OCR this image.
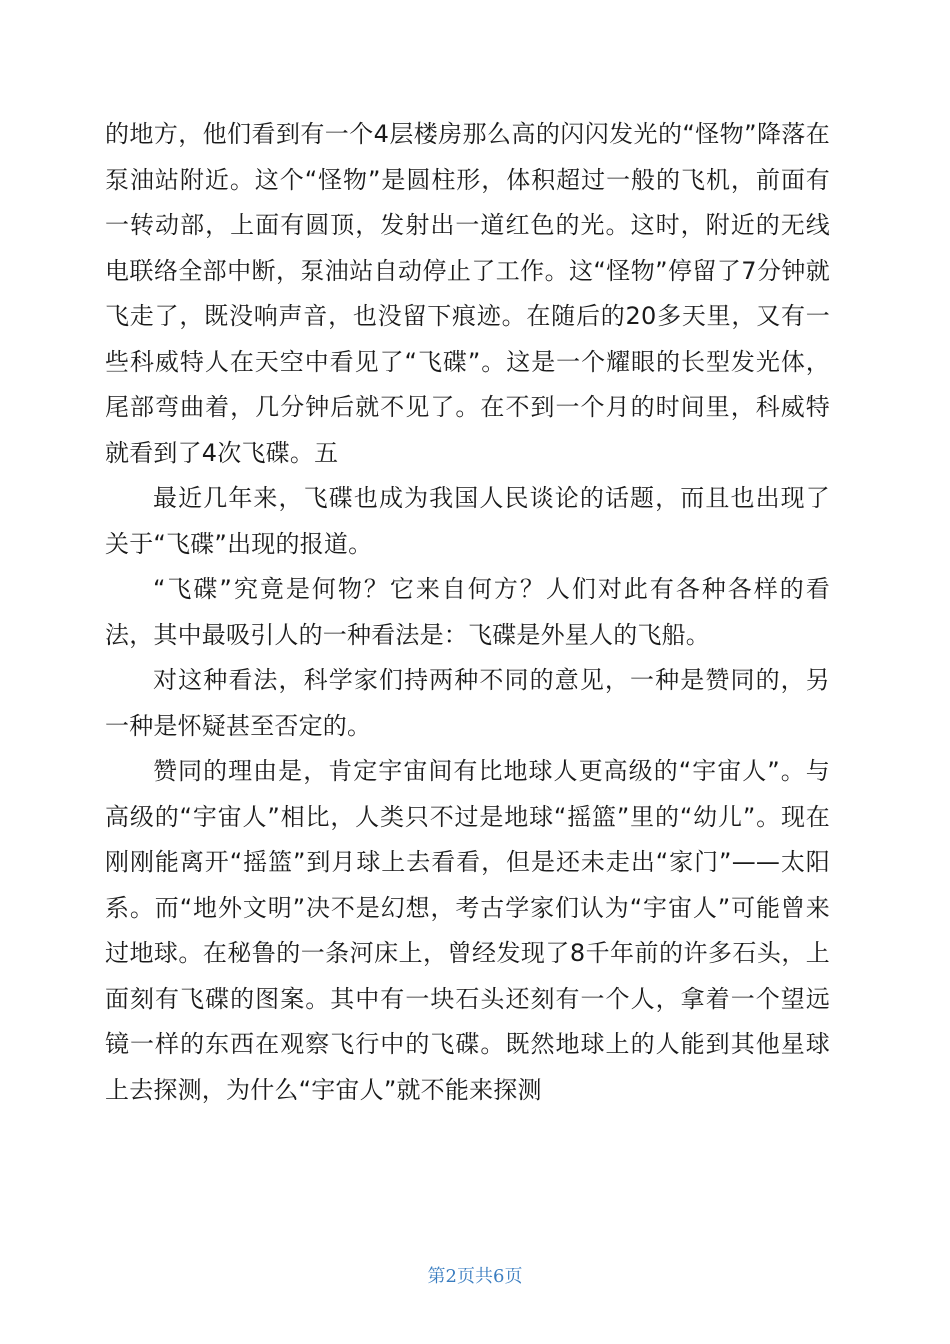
的地方，他们看到有一个4层楼房那么高的闪闪发光的“怪物”降落在泵油站附近。这个“怪物”是圆柱形，体积超过一般的飞机，前面有一转动部，上面有圆顶，发射出一道红色的光。这时，附近的无线电联络全部中断，泵油站自动停止了工作。这“怪物”停留了7分钟就飞走了，既没响声音，也没留下痕迹。在随后的20多天里，又有一些科威特人在天空中看见了“飞碟”。这是一个耀眼的长型发光体，尾部弯曲着，几分钟后就不见了。在不到一个月的时间里，科威特就看到了4次飞碟。五

最近几年来，飞碟也成为我国人民谈论的话题，而且也出现了关于“飞碟”出现的报道。

“飞碟”究竟是何物？它来自何方？人们对此有各种各样的看法，其中最吸引人的一种看法是：飞碟是外星人的飞船。

对这种看法，科学家们持两种不同的意见，一种是赞同的，另一种是怀疑甚至否定的。

赞同的理由是，肯定宇宙间有比地球人更高级的“宇宙人”。与高级的“宇宙人”相比，人类只不过是地球“摇篮”里的“幼儿”。现在刚刚能离开“摇篮”到月球上去看看，但是还未走出“家门”——太阳系。而“地外文明”决不是幻想，考古学家们认为“宇宙人”可能曾来过地球。在秘鲁的一条河床上，曾经发现了8千年前的许多石头，上面刻有飞碟的图案。其中有一块石头还刻有一个人，拿着一个望远镜一样的东西在观察飞行中的飞碟。既然地球上的人能到其他星球上去探测，为什么“宇宙人”就不能来探测

第2页共6页
